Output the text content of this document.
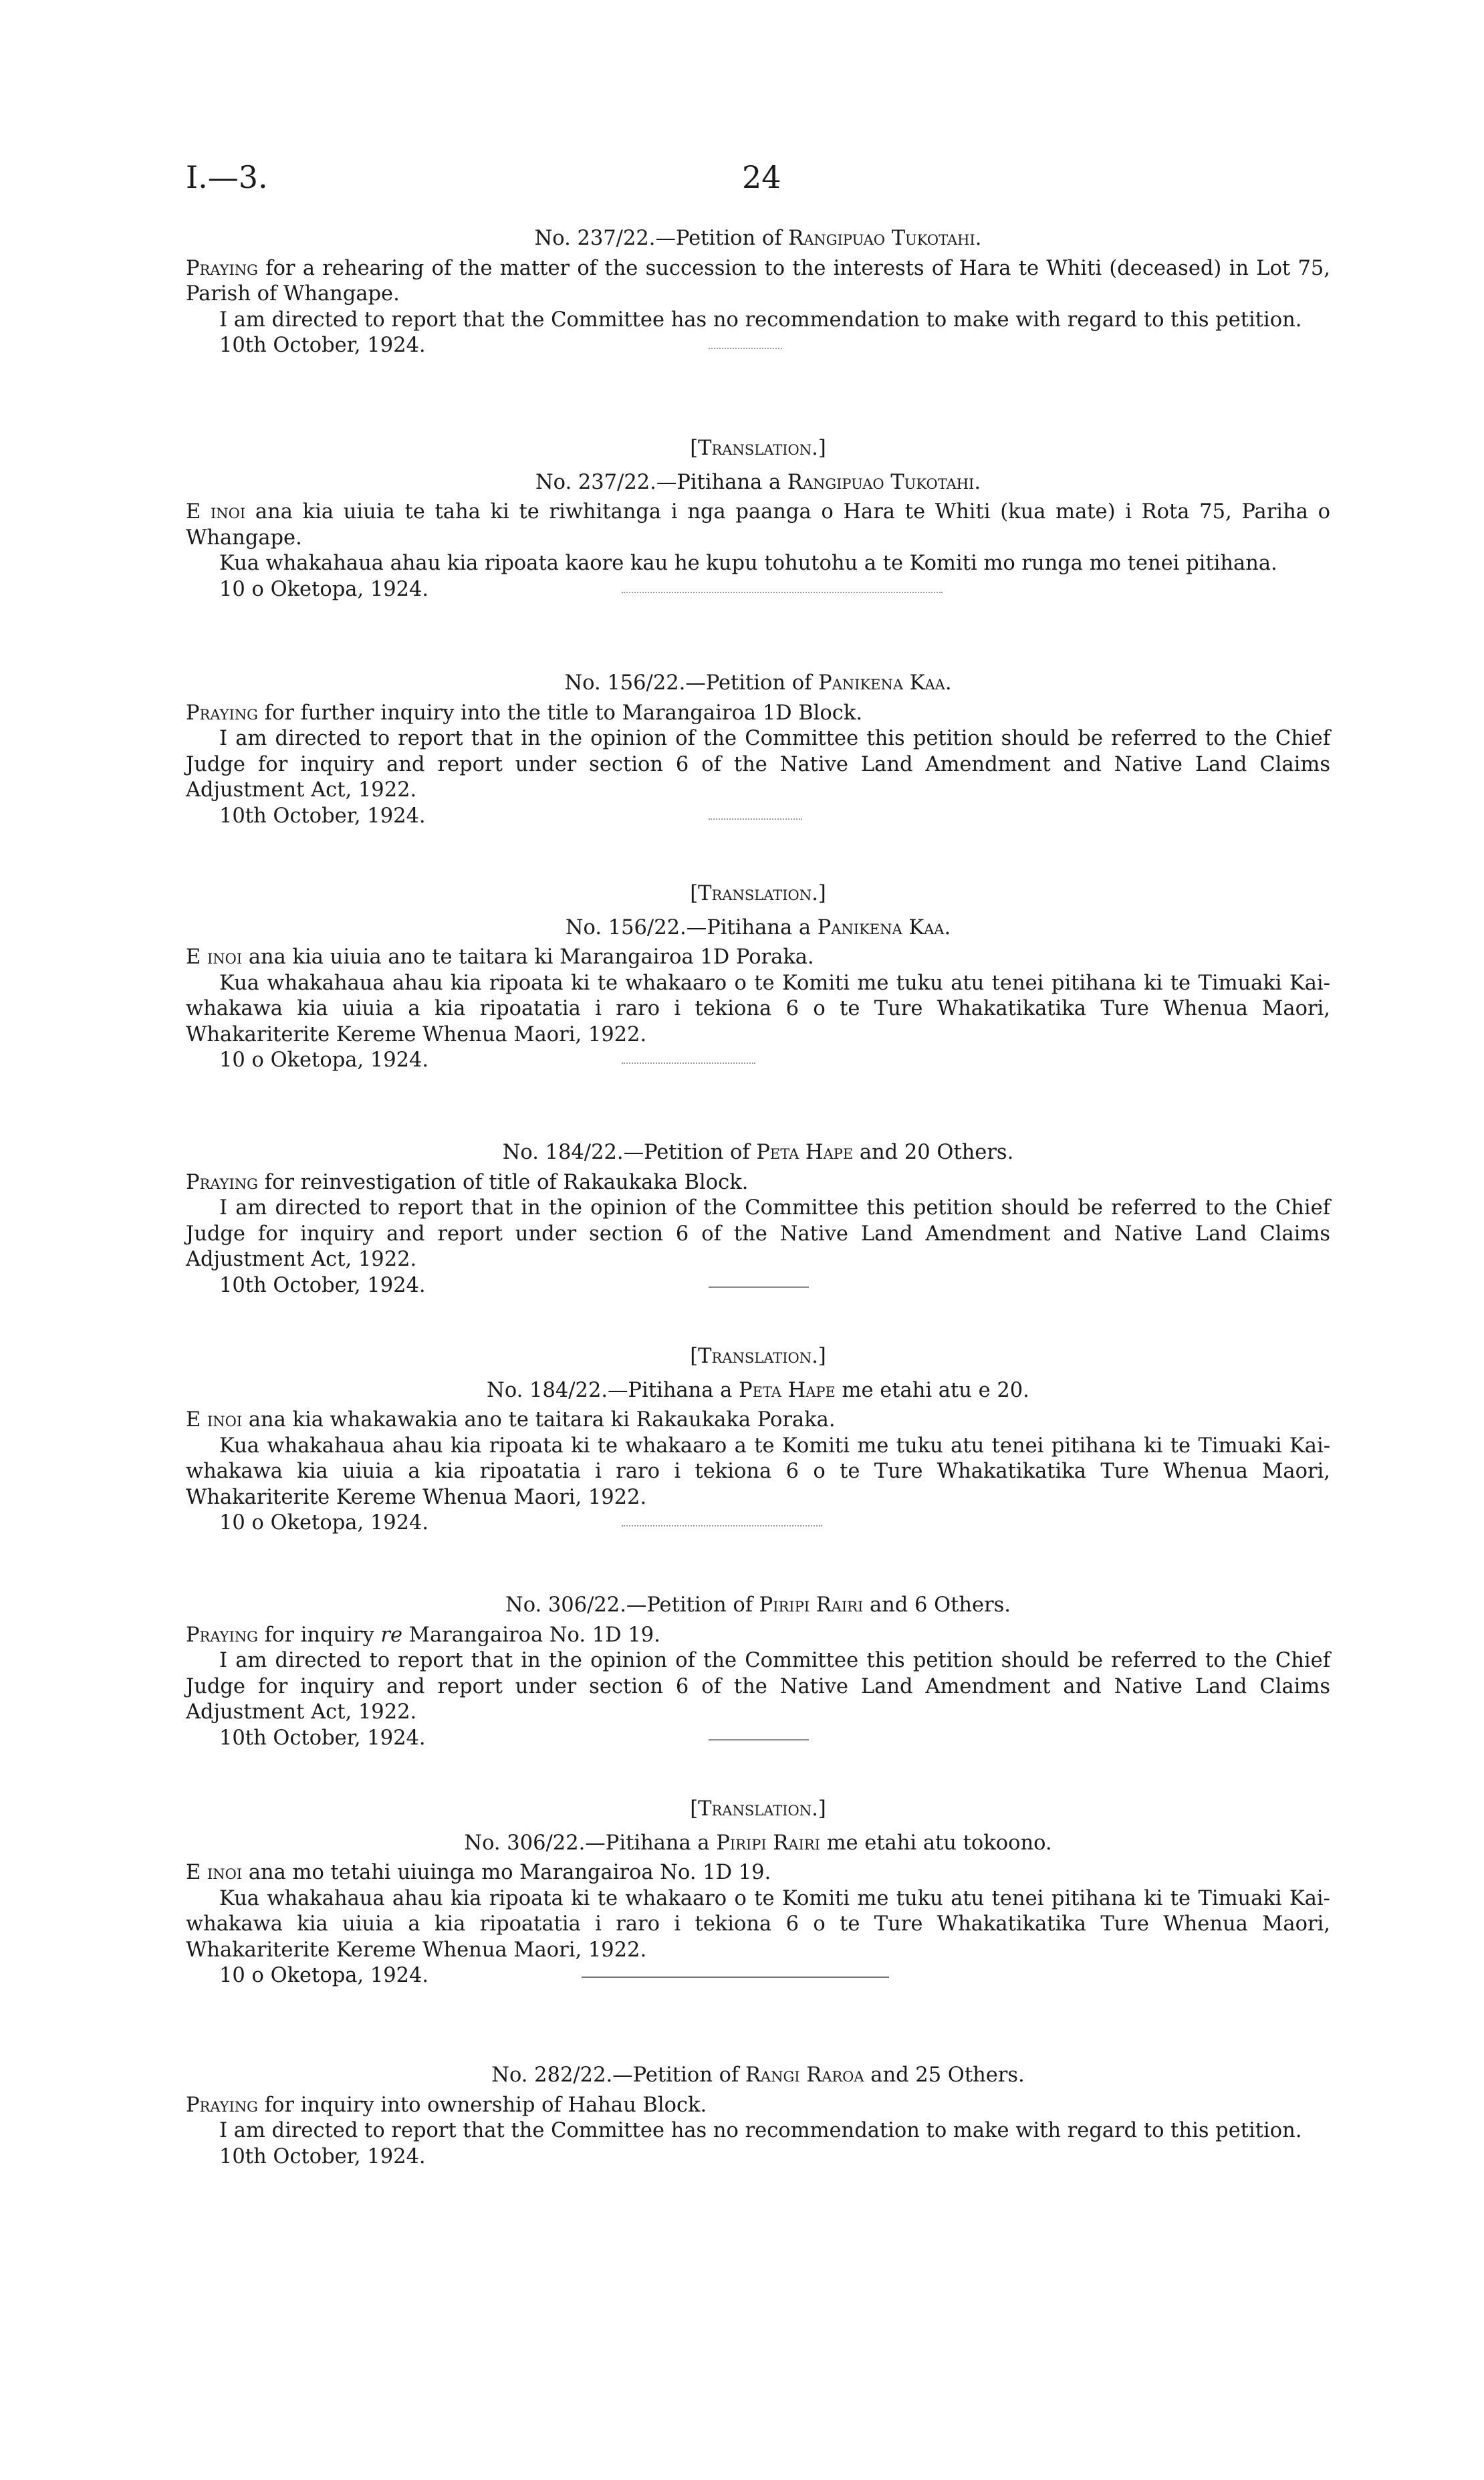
I.—3.	24
No. 237/22.—Petition of Rangipuao Tukotahi.

Praying for a rehearing of the matter of the succession to the interests of Hara te Whiti (deceased) in Lot 75, Parish of Whangape.

I am directed to report that the Committee has no recommendation to make with regard to this petition.

10th October, 1924.
[Translation.]
No. 237/22.—Pitihana a Rangipuao Tukotahi.

E inoi ana kia uiuia te taha ki te riwhitanga i nga paanga o Hara te Whiti (kua mate) i Rota 75, Pariha o Whangape.

Kua whakahaua ahau kia ripoata kaore kau he kupu tohutohu a te Komiti mo runga mo tenei pitihana.

10 o Oketopa, 1924.
No. 156/22.—Petition of Panikena Kaa.

Praying for further inquiry into the title to Marangairoa 1D Block.

I am directed to report that in the opinion of the Committee this petition should be referred to the Chief Judge for inquiry and report under section 6 of the Native Land Amendment and Native Land Claims Adjustment Act, 1922.

10th October, 1924.
[Translation.]
No. 156/22.—Pitihana a Panikena Kaa.

E inoi ana kia uiuia ano te taitara ki Marangairoa 1D Poraka.

Kua whakahaua ahau kia ripoata ki te whakaaro o te Komiti me tuku atu tenei pitihana ki te Timuaki Kai-whakawa kia uiuia a kia ripoatatia i raro i tekiona 6 o te Ture Whakatikatika Ture Whenua Maori, Whakariterite Kereme Whenua Maori, 1922.

10 o Oketopa, 1924.
No. 184/22.—Petition of Peta Hape and 20 Others.

Praying for reinvestigation of title of Rakaukaka Block.

I am directed to report that in the opinion of the Committee this petition should be referred to the Chief Judge for inquiry and report under section 6 of the Native Land Amendment and Native Land Claims Adjustment Act, 1922.

10th October, 1924.
[Translation.]
No. 184/22.—Pitihana a Peta Hape me etahi atu e 20.

E inoi ana kia whakawakia ano te taitara ki Rakaukaka Poraka.

Kua whakahaua ahau kia ripoata ki te whakaaro a te Komiti me tuku atu tenei pitihana ki te Timuaki Kai-whakawa kia uiuia a kia ripoatatia i raro i tekiona 6 o te Ture Whakatikatika Ture Whenua Maori, Whakariterite Kereme Whenua Maori, 1922.

10 o Oketopa, 1924.
No. 306/22.—Petition of Piripi Rairi and 6 Others.

Praying for inquiry re Marangairoa No. 1D 19.

I am directed to report that in the opinion of the Committee this petition should be referred to the Chief Judge for inquiry and report under section 6 of the Native Land Amendment and Native Land Claims Adjustment Act, 1922.

10th October, 1924.
[Translation.]
No. 306/22.—Pitihana a Piripi Rairi me etahi atu tokoono.

E inoi ana mo tetahi uiuinga mo Marangairoa No. 1D 19.

Kua whakahaua ahau kia ripoata ki te whakaaro o te Komiti me tuku atu tenei pitihana ki te Timuaki Kai-whakawa kia uiuia a kia ripoatatia i raro i tekiona 6 o te Ture Whakatikatika Ture Whenua Maori, Whakariterite Kereme Whenua Maori, 1922.

10 o Oketopa, 1924.
No. 282/22.—Petition of Rangi Raroa and 25 Others.

Praying for inquiry into ownership of Hahau Block.

I am directed to report that the Committee has no recommendation to make with regard to this petition.

10th October, 1924.
